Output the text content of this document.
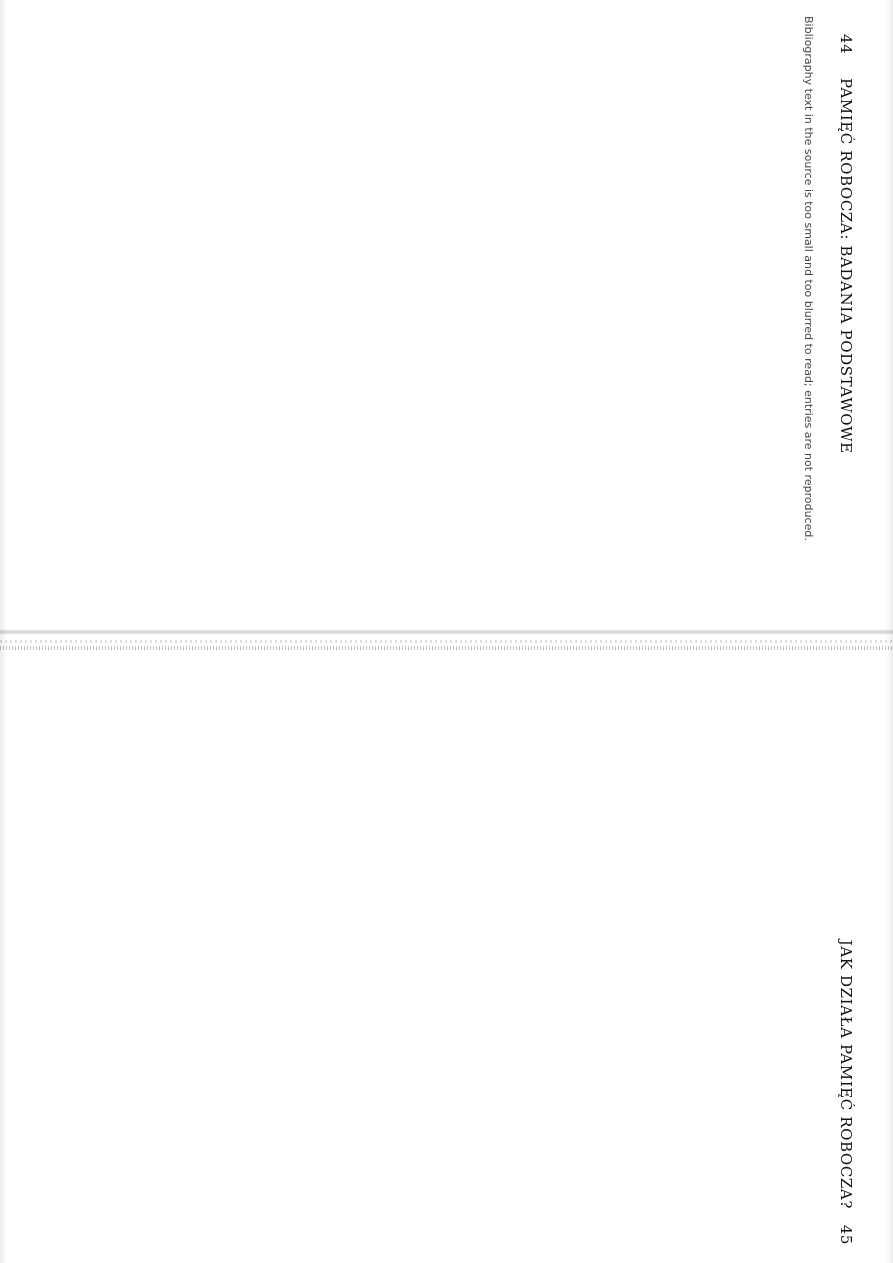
44
PAMIĘĆ ROBOCZA: BADANIA PODSTAWOWE
Bibliography text in the source is too small and too blurred to read; entries are not reproduced.
45
JAK DZIAŁA PAMIĘĆ ROBOCZA?
